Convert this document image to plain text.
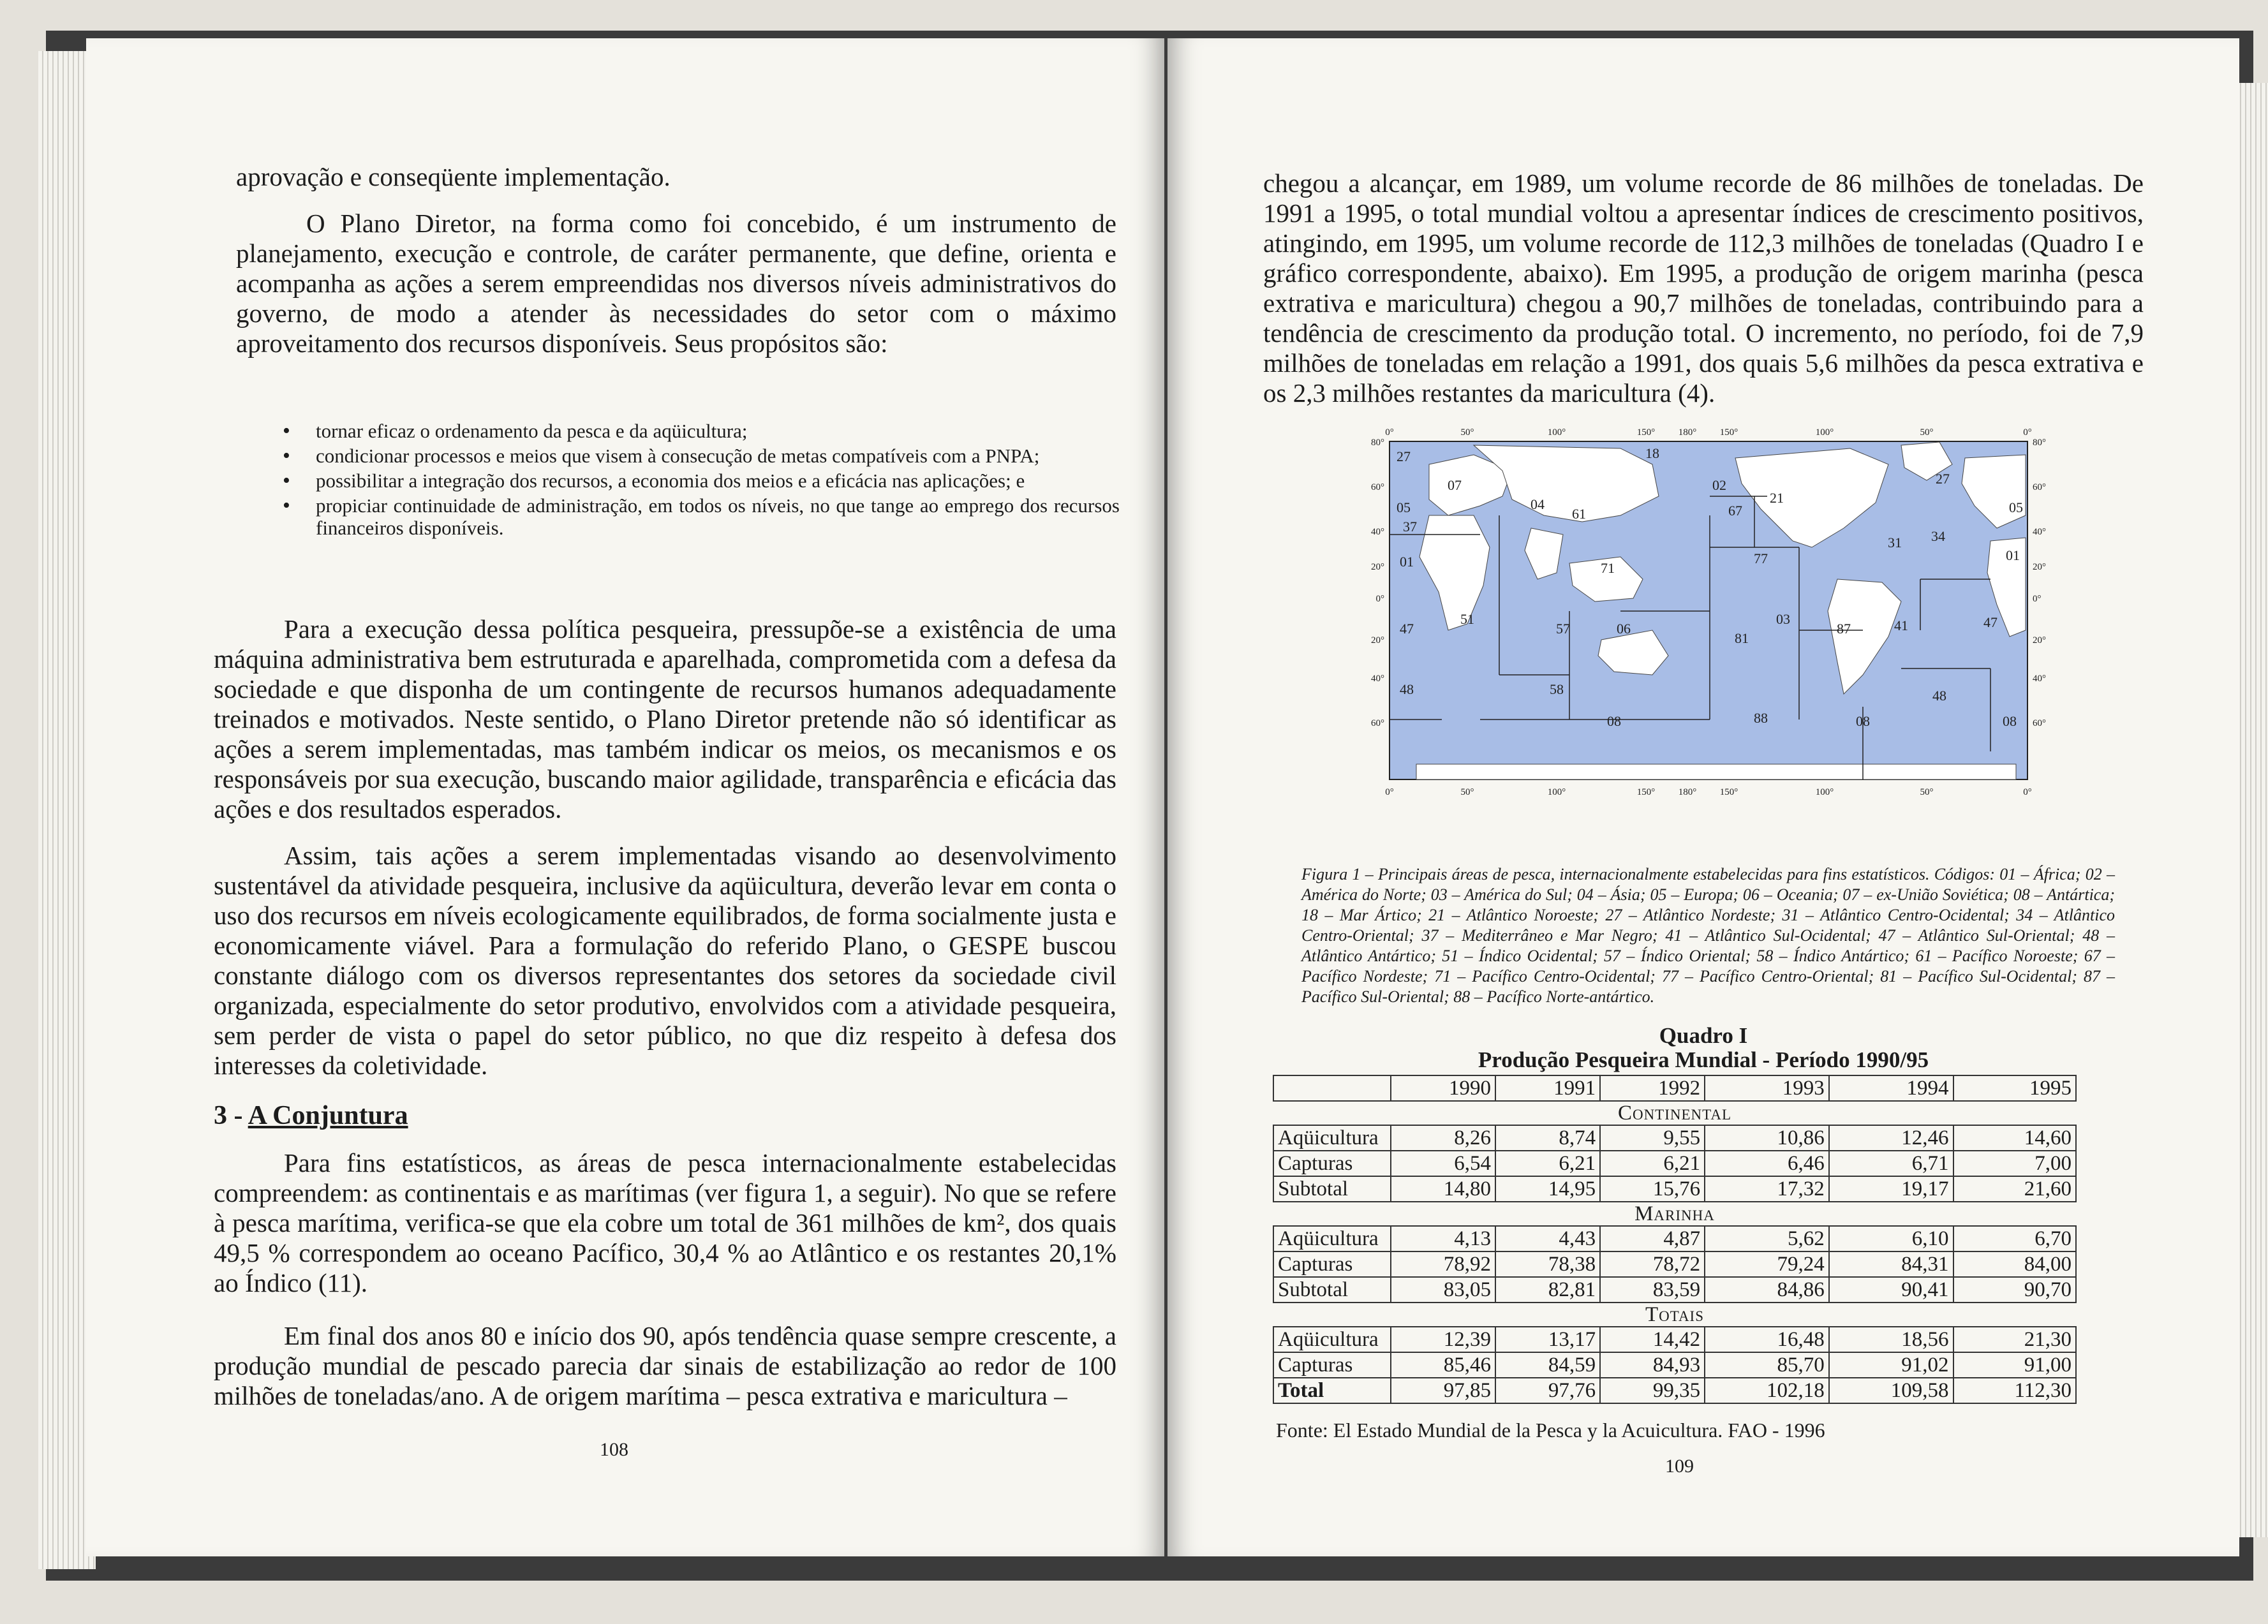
aprovação e conseqüente implementação.

O Plano Diretor, na forma como foi concebido, é um instrumento de planejamento, execução e controle, de caráter permanente, que define, orienta e acompanha as ações a serem empreendidas nos diversos níveis administrativos do governo, de modo a atender às necessidades do setor com o máximo aproveitamento dos recursos disponíveis. Seus propósitos são:

• tornar eficaz o ordenamento da pesca e da aqüicultura;
• condicionar processos e meios que visem à consecução de metas compatíveis com a PNPA;
• possibilitar a integração dos recursos, a economia dos meios e a eficácia nas aplicações; e
• propiciar continuidade de administração, em todos os níveis, no que tange ao emprego dos recursos financeiros disponíveis.

Para a execução dessa política pesqueira, pressupõe-se a existência de uma máquina administrativa bem estruturada e aparelhada, comprometida com a defesa da sociedade e que disponha de um contingente de recursos humanos adequadamente treinados e motivados. Neste sentido, o Plano Diretor pretende não só identificar as ações a serem implementadas, mas também indicar os meios, os mecanismos e os responsáveis por sua execução, buscando maior agilidade, transparência e eficácia das ações e dos resultados esperados.

Assim, tais ações a serem implementadas visando ao desenvolvimento sustentável da atividade pesqueira, inclusive da aqüicultura, deverão levar em conta o uso dos recursos em níveis ecologicamente equilibrados, de forma socialmente justa e economicamente viável. Para a formulação do referido Plano, o GESPE buscou constante diálogo com os diversos representantes dos setores da sociedade civil organizada, especialmente do setor produtivo, envolvidos com a atividade pesqueira, sem perder de vista o papel do setor público, no que diz respeito à defesa dos interesses da coletividade.

3 - A Conjuntura

Para fins estatísticos, as áreas de pesca internacionalmente estabelecidas compreendem: as continentais e as marítimas (ver figura 1, a seguir). No que se refere à pesca marítima, verifica-se que ela cobre um total de 361 milhões de km², dos quais 49,5 % correspondem ao oceano Pacífico, 30,4 % ao Atlântico e os restantes 20,1% ao Índico (11).

Em final dos anos 80 e início dos 90, após tendência quase sempre crescente, a produção mundial de pescado parecia dar sinais de estabilização ao redor de 100 milhões de toneladas/ano. A de origem marítima – pesca extrativa e maricultura –

108

chegou a alcançar, em 1989, um volume recorde de 86 milhões de toneladas. De 1991 a 1995, o total mundial voltou a apresentar índices de crescimento positivos, atingindo, em 1995, um volume recorde de 112,3 milhões de toneladas (Quadro I e gráfico correspondente, abaixo). Em 1995, a produção de origem marinha (pesca extrativa e maricultura) chegou a 90,7 milhões de toneladas, contribuindo para a tendência de crescimento da produção total. O incremento, no período, foi de 7,9 milhões de toneladas em relação a 1991, dos quais 5,6 milhões da pesca extrativa e os 2,3 milhões restantes da maricultura (4).

0°	50°	100°	150° 180° 150°	100°	50°	0°
0°	50°	100°	150° 180° 150°	100°	50°	0°
80°
60°
40°
20°
0°
20°
40°
60°
80°
60°
40°
20°
0°
20°
40°
60°
27	18
27
07
04
02
21
05	61	67	05
37
34
31
01	71
77	01
03
51
57	06
81
87	41
47	47
58
48	48
08	88	08	08
Figura 1 – Principais áreas de pesca, internacionalmente estabelecidas para fins estatísticos. Códigos: 01 – África; 02 – América do Norte; 03 – América do Sul; 04 – Ásia; 05 – Europa; 06 – Oceania; 07 – ex-União Soviética; 08 – Antártica; 18 – Mar Ártico; 21 – Atlântico Noroeste; 27 – Atlântico Nordeste; 31 – Atlântico Centro-Ocidental; 34 – Atlântico Centro-Oriental; 37 – Mediterrâneo e Mar Negro; 41 – Atlântico Sul-Ocidental; 47 – Atlântico Sul-Oriental; 48 – Atlântico Antártico; 51 – Índico Ocidental; 57 – Índico Oriental; 58 – Índico Antártico; 61 – Pacífico Noroeste; 67 – Pacífico Nordeste; 71 – Pacífico Centro-Ocidental; 77 – Pacífico Centro-Oriental; 81 – Pacífico Sul-Ocidental; 87 – Pacífico Sul-Oriental; 88 – Pacífico Norte-antártico.
Quadro I
Produção Pesqueira Mundial - Período 1990/95
	1990	1991	1992	1993	1994	1995
Continental						
Aqüicultura	8,26	8,74	9,55	10,86	12,46	14,60
Capturas	6,54	6,21	6,21	6,46	6,71	7,00
Subtotal	14,80	14,95	15,76	17,32	19,17	21,60
Marinha						
Aqüicultura	4,13	4,43	4,87	5,62	6,10	6,70
Capturas	78,92	78,38	78,72	79,24	84,31	84,00
Subtotal	83,05	82,81	83,59	84,86	90,41	90,70
Totais						
Aqüicultura	12,39	13,17	14,42	16,48	18,56	21,30
Capturas	85,46	84,59	84,93	85,70	91,02	91,00
Total	97,85	97,76	99,35	102,18	109,58	112,30
Fonte: El Estado Mundial de la Pesca y la Acuicultura. FAO - 1996
109
